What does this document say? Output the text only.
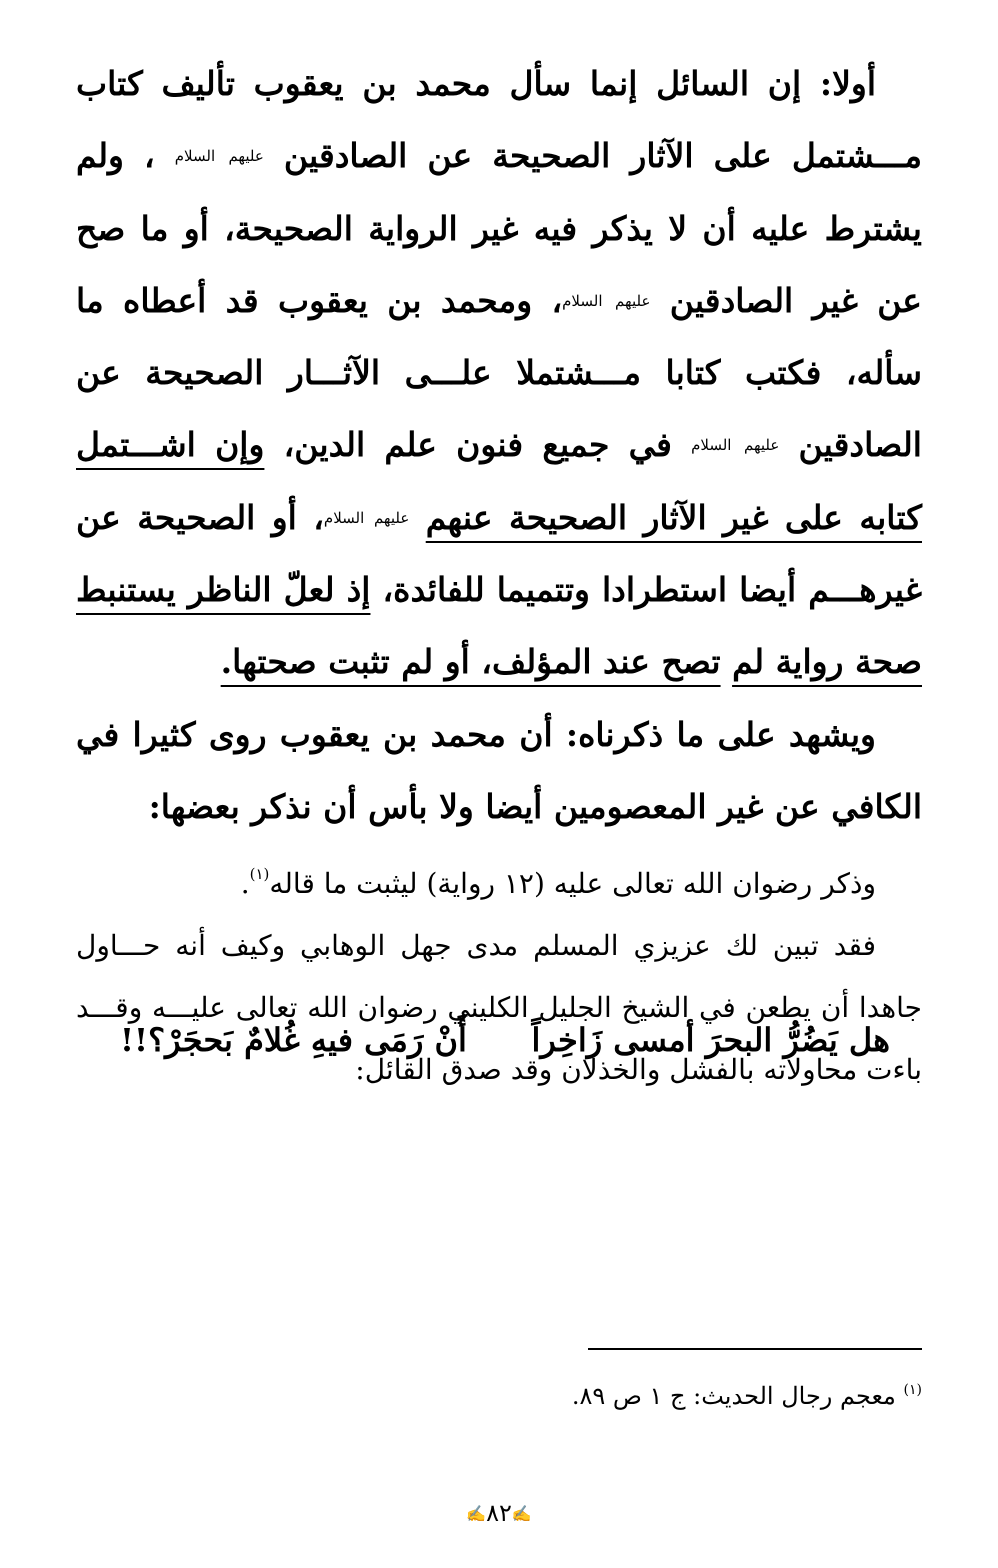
أولا: إن السائل إنما سأل محمد بن يعقوب تأليف كتاب مـــشتمل على الآثار الصحيحة عن الصادقين عليهم السلام ، ولم يشترط عليه أن لا يذكر فيه غير الرواية الصحيحة، أو ما صح عن غير الصادقين عليهم السلام، ومحمد بن يعقوب قد أعطاه ما سأله، فكتب كتابا مـــشتملا علـــى الآثـــار الصحيحة عن الصادقين عليهم السلام في جميع فنون علم الدين، وإن اشـــتمل كتابه على غير الآثار الصحيحة عنهم عليهم السلام، أو الصحيحة عن غيرهـــم أيضا استطرادا وتتميما للفائدة، إذ لعلّ الناظر يستنبط صحة رواية لم تصح عند المؤلف، أو لم تثبت صحتها.

ويشهد على ما ذكرناه: أن محمد بن يعقوب روى كثيرا في الكافي عن غير المعصومين أيضا ولا بأس أن نذكر بعضها:

وذكر رضوان الله تعالى عليه (١٢ رواية) ليثبت ما قاله$^{(١)}$.

فقد تبين لك عزيزي المسلم مدى جهل الوهابي وكيف أنه حـــاول جاهدا أن يطعن في الشيخ الجليل الكليني رضوان الله تعالى عليـــه وقـــد باءت محاولاته بالفشل والخذلان وقد صدق القائل:

هل يَضُرُّ البحرَ أمسى زَاخِراً
أَنْ رَمَى فيهِ غُلامٌ بَحجَرْ؟!!
$^{(١)}$ معجم رجال الحديث: ج ١ ص ٨٩.
✍٨٢✍
